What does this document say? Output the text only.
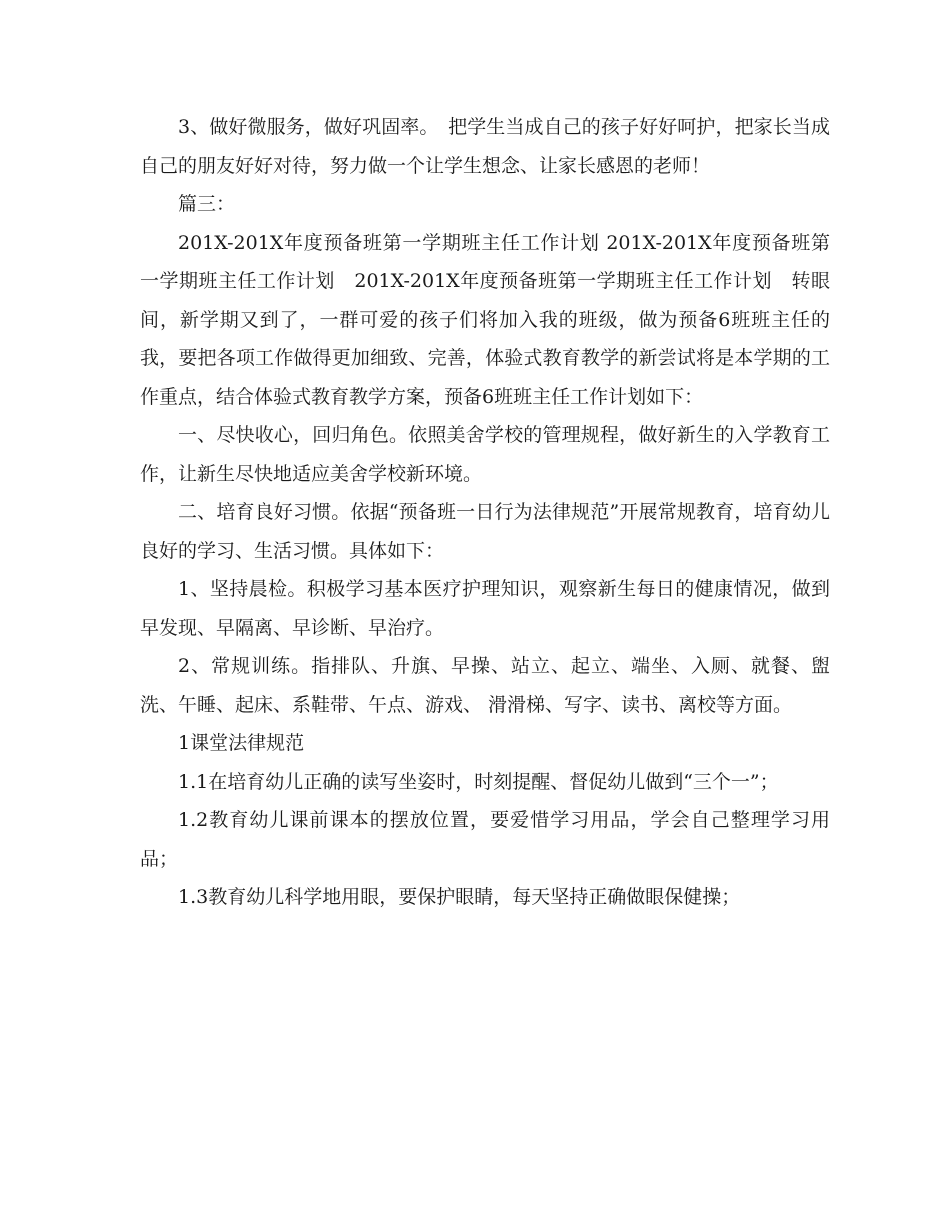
3、做好微服务，做好巩固率。　把学生当成自己的孩子好好呵护，把家长当成自己的朋友好好对待，努力做一个让学生想念、让家长感恩的老师！

篇三：

201X-201X年度预备班第一学期班主任工作计划 201X-201X年度预备班第一学期班主任工作计划　201X-201X年度预备班第一学期班主任工作计划　转眼间，新学期又到了，一群可爱的孩子们将加入我的班级，做为预备6班班主任的我，要把各项工作做得更加细致、完善，体验式教育教学的新尝试将是本学期的工作重点，结合体验式教育教学方案，预备6班班主任工作计划如下：

一、尽快收心，回归角色。依照美舍学校的管理规程，做好新生的入学教育工作，让新生尽快地适应美舍学校新环境。

二、培育良好习惯。依据“预备班一日行为法律规范”开展常规教育，培育幼儿良好的学习、生活习惯。具体如下：

1、坚持晨检。积极学习基本医疗护理知识，观察新生每日的健康情况，做到早发现、早隔离、早诊断、早治疗。

2、常规训练。指排队、升旗、早操、站立、起立、端坐、入厕、就餐、盥洗、午睡、起床、系鞋带、午点、游戏、 滑滑梯、写字、读书、离校等方面。

1课堂法律规范

1.1在培育幼儿正确的读写坐姿时，时刻提醒、督促幼儿做到“三个一”；

1.2教育幼儿课前课本的摆放位置，要爱惜学习用品，学会自己整理学习用品；

1.3教育幼儿科学地用眼，要保护眼睛，每天坚持正确做眼保健操；
